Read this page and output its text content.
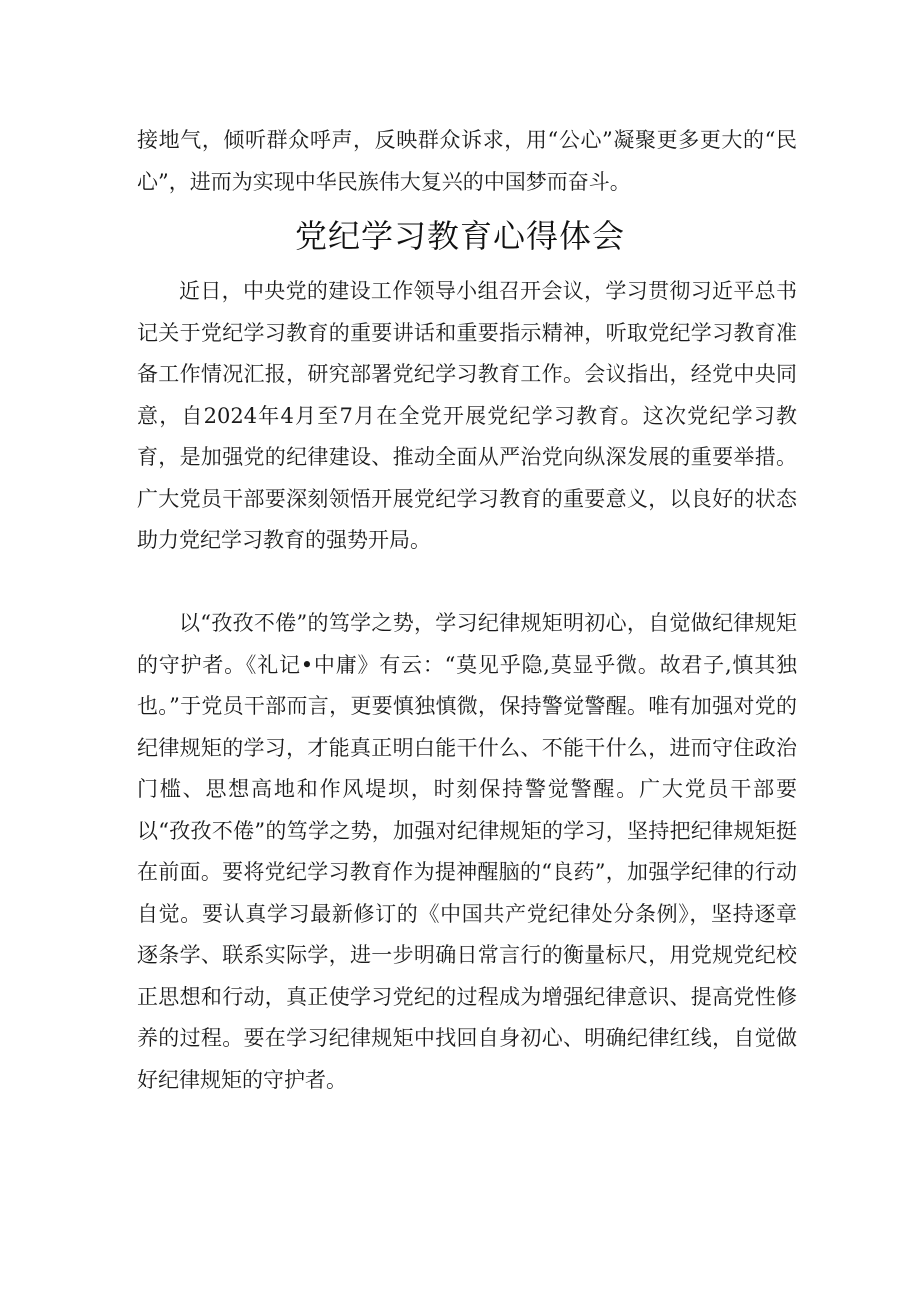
接地气，倾听群众呼声，反映群众诉求，用“公心”凝聚更多更大的“民心”，进而为实现中华民族伟大复兴的中国梦而奋斗。

党纪学习教育心得体会

近日，中央党的建设工作领导小组召开会议，学习贯彻习近平总书记关于党纪学习教育的重要讲话和重要指示精神，听取党纪学习教育准备工作情况汇报，研究部署党纪学习教育工作。会议指出，经党中央同意，自2024年4月至7月在全党开展党纪学习教育。这次党纪学习教育，是加强党的纪律建设、推动全面从严治党向纵深发展的重要举措。广大党员干部要深刻领悟开展党纪学习教育的重要意义，以良好的状态助力党纪学习教育的强势开局。

以“孜孜不倦”的笃学之势，学习纪律规矩明初心，自觉做纪律规矩的守护者。《礼记•中庸》有云：“莫见乎隐,莫显乎微。故君子,慎其独也。”于党员干部而言，更要慎独慎微，保持警觉警醒。唯有加强对党的纪律规矩的学习，才能真正明白能干什么、不能干什么，进而守住政治门槛、思想高地和作风堤坝，时刻保持警觉警醒。广大党员干部要以“孜孜不倦”的笃学之势，加强对纪律规矩的学习，坚持把纪律规矩挺在前面。要将党纪学习教育作为提神醒脑的“良药”，加强学纪律的行动自觉。要认真学习最新修订的《中国共产党纪律处分条例》，坚持逐章逐条学、联系实际学，进一步明确日常言行的衡量标尺，用党规党纪校正思想和行动，真正使学习党纪的过程成为增强纪律意识、提高党性修养的过程。要在学习纪律规矩中找回自身初心、明确纪律红线，自觉做好纪律规矩的守护者。
